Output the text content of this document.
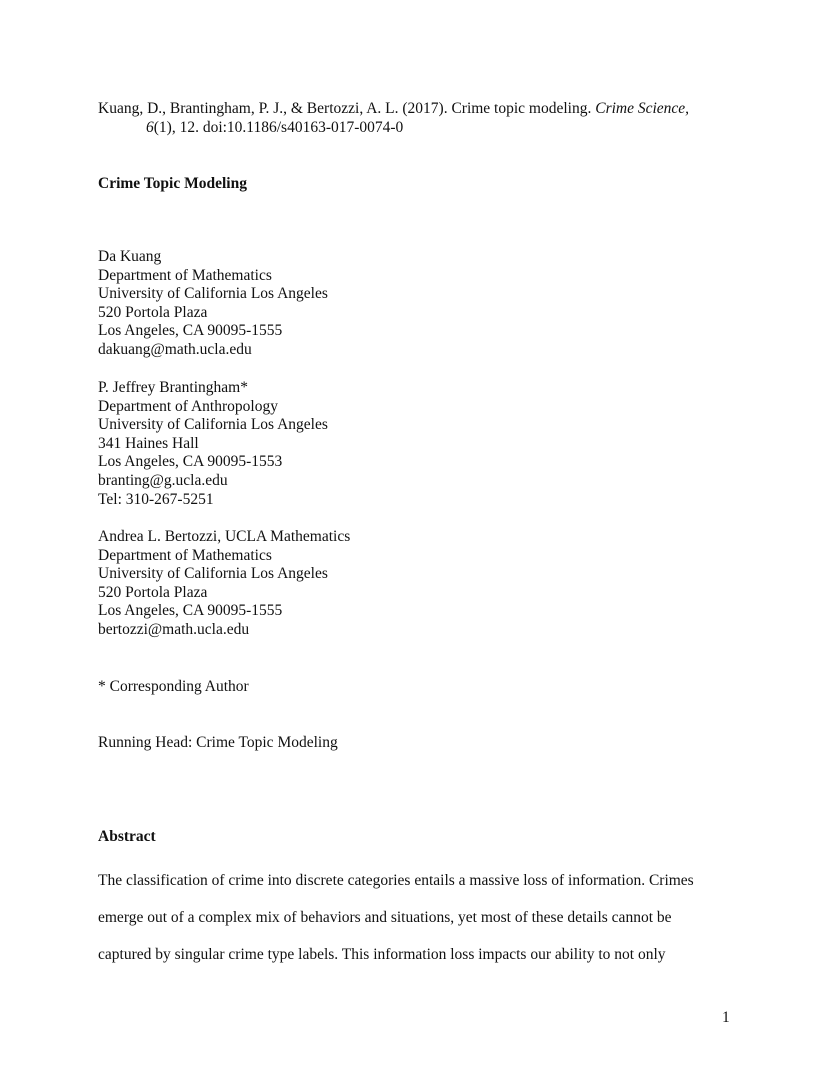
Kuang, D., Brantingham, P. J., & Bertozzi, A. L. (2017). Crime topic modeling. Crime Science,
6(1), 12. doi:10.1186/s40163-017-0074-0
Crime Topic Modeling
Da Kuang
Department of Mathematics
University of California Los Angeles
520 Portola Plaza
Los Angeles, CA 90095-1555
dakuang@math.ucla.edu
P. Jeffrey Brantingham*
Department of Anthropology
University of California Los Angeles
341 Haines Hall
Los Angeles, CA 90095-1553
branting@g.ucla.edu
Tel: 310-267-5251
Andrea L. Bertozzi, UCLA Mathematics
Department of Mathematics
University of California Los Angeles
520 Portola Plaza
Los Angeles, CA 90095-1555
bertozzi@math.ucla.edu
* Corresponding Author
Running Head: Crime Topic Modeling
Abstract
The classification of crime into discrete categories entails a massive loss of information. Crimes
emerge out of a complex mix of behaviors and situations, yet most of these details cannot be
captured by singular crime type labels. This information loss impacts our ability to not only
1
